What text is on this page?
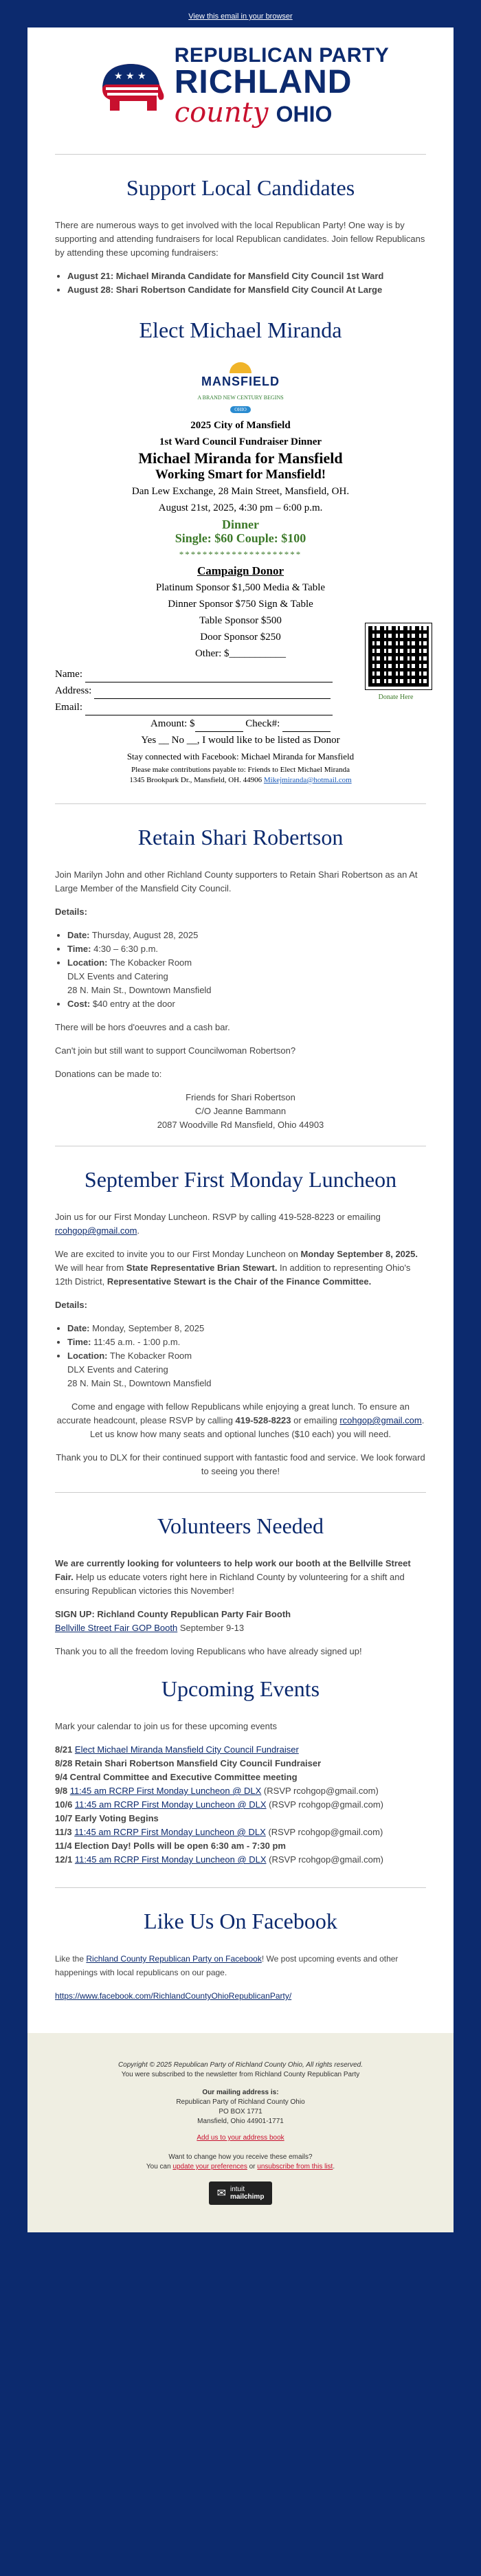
View this email in your browser
★ ★ ★
REPUBLICAN PARTY
RICHLAND
county OHIO
Support Local Candidates

There are numerous ways to get involved with the local Republican Party! One way is by supporting and attending fundraisers for local Republican candidates. Join fellow Republicans by attending these upcoming fundraisers:

• August 21: Michael Miranda Candidate for Mansfield City Council 1st Ward
• August 28: Shari Robertson Candidate for Mansfield City Council At Large
Elect Michael Miranda
MANSFIELD
A BRAND NEW CENTURY BEGINS
OHIO
2025 City of Mansfield
1st Ward Council Fundraiser Dinner
Michael Miranda for Mansfield
Working Smart for Mansfield!
Dan Lew Exchange, 28 Main Street, Mansfield, OH.
August 21st, 2025, 4:30 pm – 6:00 p.m.
Dinner
Single: $60 Couple: $100
*********************
Campaign Donor
Platinum Sponsor $1,500 Media & Table
Dinner Sponsor $750 Sign & Table
Table Sponsor $500
Door Sponsor $250
Other: $___________
Donate Here
Name:
Address:
Email:
Amount: $	Check#:
Yes __ No __, I would like to be listed as Donor
Stay connected with Facebook: Michael Miranda for Mansfield
Please make contributions payable to: Friends to Elect Michael Miranda
1345 Brookpark Dr., Mansfield, OH. 44906 Mikejmiranda@hotmail.com
Retain Shari Robertson

Join Marilyn John and other Richland County supporters to Retain Shari Robertson as an At Large Member of the Mansfield City Council.

Details:

• Date: Thursday, August 28, 2025
• Time: 4:30 – 6:30 p.m.
• Location: The Kobacker Room
DLX Events and Catering
28 N. Main St., Downtown Mansfield
• Cost: $40 entry at the door

There will be hors d'oeuvres and a cash bar.

Can't join but still want to support Councilwoman Robertson?

Donations can be made to:

Friends for Shari Robertson
C/O Jeanne Bammann
2087 Woodville Rd Mansfield, Ohio 44903

September First Monday Luncheon

Join us for our First Monday Luncheon. RSVP by calling 419-528-8223 or emailing rcohgop@gmail.com.

We are excited to invite you to our First Monday Luncheon on Monday September 8, 2025. We will hear from State Representative Brian Stewart. In addition to representing Ohio's 12th District, Representative Stewart is the Chair of the Finance Committee.

Details:

• Date: Monday, September 8, 2025
• Time: 11:45 a.m. - 1:00 p.m.
• Location: The Kobacker Room
DLX Events and Catering
28 N. Main St., Downtown Mansfield

Come and engage with fellow Republicans while enjoying a great lunch. To ensure an accurate headcount, please RSVP by calling 419-528-8223 or emailing rcohgop@gmail.com. Let us know how many seats and optional lunches ($10 each) you will need.

Thank you to DLX for their continued support with fantastic food and service. We look forward to seeing you there!

Volunteers Needed

We are currently looking for volunteers to help work our booth at the Bellville Street Fair. Help us educate voters right here in Richland County by volunteering for a shift and ensuring Republican victories this November!

SIGN UP: Richland County Republican Party Fair Booth
Bellville Street Fair GOP Booth September 9-13

Thank you to all the freedom loving Republicans who have already signed up!

Upcoming Events

Mark your calendar to join us for these upcoming events

8/21 Elect Michael Miranda Mansfield City Council Fundraiser

8/28 Retain Shari Robertson Mansfield City Council Fundraiser

9/4 Central Committee and Executive Committee meeting

9/8 11:45 am RCRP First Monday Luncheon @ DLX (RSVP rcohgop@gmail.com)

10/6 11:45 am RCRP First Monday Luncheon @ DLX (RSVP rcohgop@gmail.com)

10/7 Early Voting Begins

11/3 11:45 am RCRP First Monday Luncheon @ DLX (RSVP rcohgop@gmail.com)

11/4 Election Day! Polls will be open 6:30 am - 7:30 pm

12/1 11:45 am RCRP First Monday Luncheon @ DLX (RSVP rcohgop@gmail.com)

Like Us On Facebook

Like the Richland County Republican Party on Facebook! We post upcoming events and other happenings with local republicans on our page.

https://www.facebook.com/RichlandCountyOhioRepublicanParty/

Copyright © 2025 Republican Party of Richland County Ohio, All rights reserved.
You were subscribed to the newsletter from Richland County Republican Party
Our mailing address is:
Republican Party of Richland County Ohio
PO BOX 1771
Mansfield, Ohio 44901-1771
Add us to your address book
Want to change how you receive these emails?
You can update your preferences or unsubscribe from this list.
✉ intuit
mailchimp
